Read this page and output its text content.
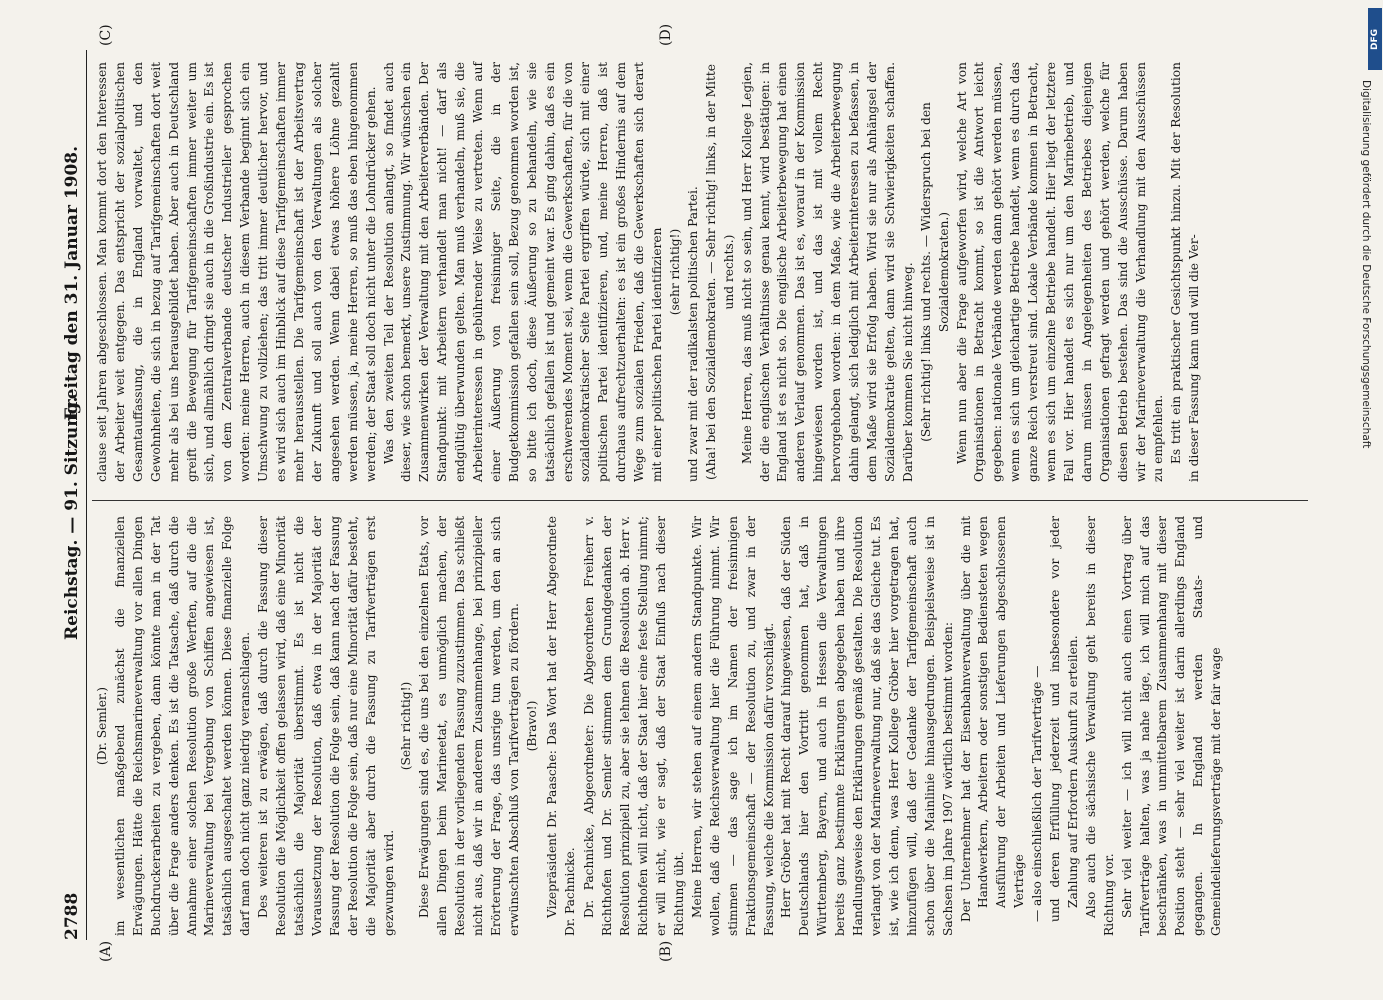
2788
Reichstag. — 91. Sitzung.
Freitag den 31. Januar 1908.
(A)	(B)
(C)	(D)

(Dr. Semler.) im wesentlichen maßgebend zunächst die finanziellen Erwägungen. Hätte die Reichsmarineverwaltung vor allen Dingen Buchdruckerarbeiten zu vergeben, dann könnte man in der Tat über die Frage anders denken. Es ist die Tatsache, daß durch die Annahme einer solchen Resolution große Werften, auf die die Marineverwaltung bei Vergebung von Schiffen angewiesen ist, tatsächlich ausgeschaltet werden können. Diese finanzielle Folge darf man doch nicht ganz niedrig veranschlagen. Des weiteren ist zu erwägen, daß durch die Fassung dieser Resolution die Möglichkeit offen gelassen wird, daß eine Minorität tatsächlich die Majorität überstimmt. Es ist nicht die Voraussetzung der Resolution, daß etwa in der Majorität der Fassung der Resolution die Folge sein, daß kann nach der Fassung der Resolution die Folge sein, daß nur eine Minorität dafür besteht, die Majorität aber durch die Fassung zu Tarifverträgen erst gezwungen wird.

(Sehr richtig!) Diese Erwägungen sind es, die uns bei den einzelnen Etats, vor allen Dingen beim Marineetat, es unmöglich machen, der Resolution in der vorliegenden Fassung zuzustimmen. Das schließt nicht aus, daß wir in anderem Zusammenhange, bei prinzipieller Erörterung der Frage, das unsrige tun werden, um den an sich erwünschten Abschluß von Tarifverträgen zu fördern. (Bravo!) Vizepräsident Dr. Paasche: Das Wort hat der Herr Abgeordnete Dr. Pachnicke. Dr. Pachnicke, Abgeordneter: Die Abgeordneten Freiherr v. Richthofen und Dr. Semler stimmen dem Grundgedanken der Resolution prinzipiell zu, aber sie lehnen die Resolution ab. Herr v. Richthofen will nicht, daß der Staat hier eine feste Stellung nimmt; er will nicht, wie er sagt, daß der Staat Einfluß nach dieser Richtung übt. Meine Herren, wir stehen auf einem andern Standpunkte. Wir wollen, daß die Reichsverwaltung hier die Führung nimmt. Wir stimmen — das sage ich im Namen der freisinnigen Fraktionsgemeinschaft — der Resolution zu, und zwar in der Fassung, welche die Kommission dafür vorschlägt. Herr Gröber hat mit Recht darauf hingewiesen, daß der Süden Deutschlands hier den Vortritt genommen hat, daß in Württemberg, Bayern, und auch in Hessen die Verwaltungen bereits ganz bestimmte Erklärungen abgegeben haben und ihre Handlungsweise den Erklärungen gemäß gestalten. Die Resolution verlangt von der Marineverwaltung nur, daß sie das Gleiche tut. Es ist, wie ich denn, was Herr Kollege Gröber hier vorgetragen hat, hinzufügen will, daß der Gedanke der Tarifgemeinschaft auch schon über die Mainlinie hinausgedrungen. Beispielsweise ist in Sachsen im Jahre 1907 wörtlich bestimmt worden: Der Unternehmer hat der Eisenbahnverwaltung über die mit Handwerkern, Arbeitern oder sonstigen Bediensteten wegen Ausführung der Arbeiten und Lieferungen abgeschlossenen Verträge — also einschließlich der Tarifverträge — und deren Erfüllung jederzeit und insbesondere vor jeder Zahlung auf Erfordern Auskunft zu erteilen. Also auch die sächsische Verwaltung geht bereits in dieser Richtung vor. Sehr viel weiter — ich will nicht auch einen Vortrag über Tarifverträge halten, was ja nahe läge, ich will mich auf das beschränken, was in unmittelbarem Zusammenhang mit dieser Position steht — sehr viel weiter ist darin allerdings England gegangen. In England werden Staats- und Gemeindelieferungsverträge mit der fair wage

clause seit Jahren abgeschlossen. Man kommt dort den Interessen der Arbeiter weit entgegen. Das entspricht der sozialpolitischen Gesamtauffassung, die in England vorwaltet, und den Gewohnheiten, die sich in bezug auf Tarifgemeinschaften dort weit mehr als bei uns herausgebildet haben. Aber auch in Deutschland greift die Bewegung für Tarifgemeinschaften immer weiter um sich, und allmählich dringt sie auch in die Großindustrie ein. Es ist von dem Zentralverbande deutscher Industrieller gesprochen worden: meine Herren, auch in diesem Verbande beginnt sich ein Umschwung zu vollziehen; das tritt immer deutlicher hervor, und es wird sich auch im Hinblick auf diese Tarifgemeinschaften immer mehr herausstellen. Die Tarifgemeinschaft ist der Arbeitsvertrag der Zukunft und soll auch von den Verwaltungen als solcher angesehen werden. Wenn dabei etwas höhere Löhne gezahlt werden müssen, ja, meine Herren, so muß das eben hingenommen werden; der Staat soll doch nicht unter die Lohndrücker gehen. Was den zweiten Teil der Resolution anlangt, so findet auch dieser, wie schon bemerkt, unsere Zustimmung. Wir wünschen ein Zusammenwirken der Verwaltung mit den Arbeiterverbänden. Der Standpunkt: mit Arbeitern verhandelt man nicht! — darf als endgültig überwunden gelten. Man muß verhandeln, muß sie, die Arbeiterinteressen in gebührender Weise zu vertreten. Wenn auf einer Äußerung von freisinniger Seite, die in der Budgetkommission gefallen sein soll, Bezug genommen worden ist, so bitte ich doch, diese Äußerung so zu behandeln, wie sie tatsächlich gefallen ist und gemeint war. Es ging dahin, daß es ein erschwerendes Moment sei, wenn die Gewerkschaften, für die von sozialdemokratischer Seite Partei ergriffen würde, sich mit einer politischen Partei identifizieren, und, meine Herren, daß ist durchaus aufrechtzuerhalten: es ist ein großes Hindernis auf dem Wege zum sozialen Frieden, daß die Gewerkschaften sich derart mit einer politischen Partei identifizieren (sehr richtig!) und zwar mit der radikalsten politischen Partei. (Aha! bei den Sozialdemokraten. — Sehr richtig! links, in der Mitte und rechts.) Meine Herren, das muß nicht so sein, und Herr Kollege Legien, der die englischen Verhältnisse genau kennt, wird bestätigen: in England ist es nicht so. Die englische Arbeiterbewegung hat einen anderen Verlauf genommen. Das ist es, worauf in der Kommission hingewiesen worden ist, und das ist mit vollem Recht hervorgehoben worden: in dem Maße, wie die Arbeiterbewegung dahin gelangt, sich lediglich mit Arbeiterinteressen zu befassen, in dem Maße wird sie Erfolg haben. Wird sie nur als Anhängsel der Sozialdemokratie gelten, dann wird sie Schwierigkeiten schaffen. Darüber kommen Sie nicht hinweg. (Sehr richtig! links und rechts. — Widerspruch bei den Sozialdemokraten.) Wenn nun aber die Frage aufgeworfen wird, welche Art von Organisationen in Betracht kommt, so ist die Antwort leicht gegeben: nationale Verbände werden dann gehört werden müssen, wenn es sich um gleichartige Betriebe handelt, wenn es durch das ganze Reich verstreut sind. Lokale Verbände kommen in Betracht, wenn es sich um einzelne Betriebe handelt. Hier liegt der letztere Fall vor. Hier handelt es sich nur um den Marinebetrieb, und darum müssen in Angelegenheiten des Betriebes diejenigen Organisationen gefragt werden und gehört werden, welche für diesen Betrieb bestehen. Das sind die Ausschüsse. Darum haben wir der Marineverwaltung die Verhandlung mit den Ausschüssen zu empfehlen. Es tritt ein praktischer Gesichtspunkt hinzu. Mit der Resolution in dieser Fassung kann und will die Ver-

DFG
Digitalisierung gefördert durch die Deutsche Forschungsgemeinschaft
